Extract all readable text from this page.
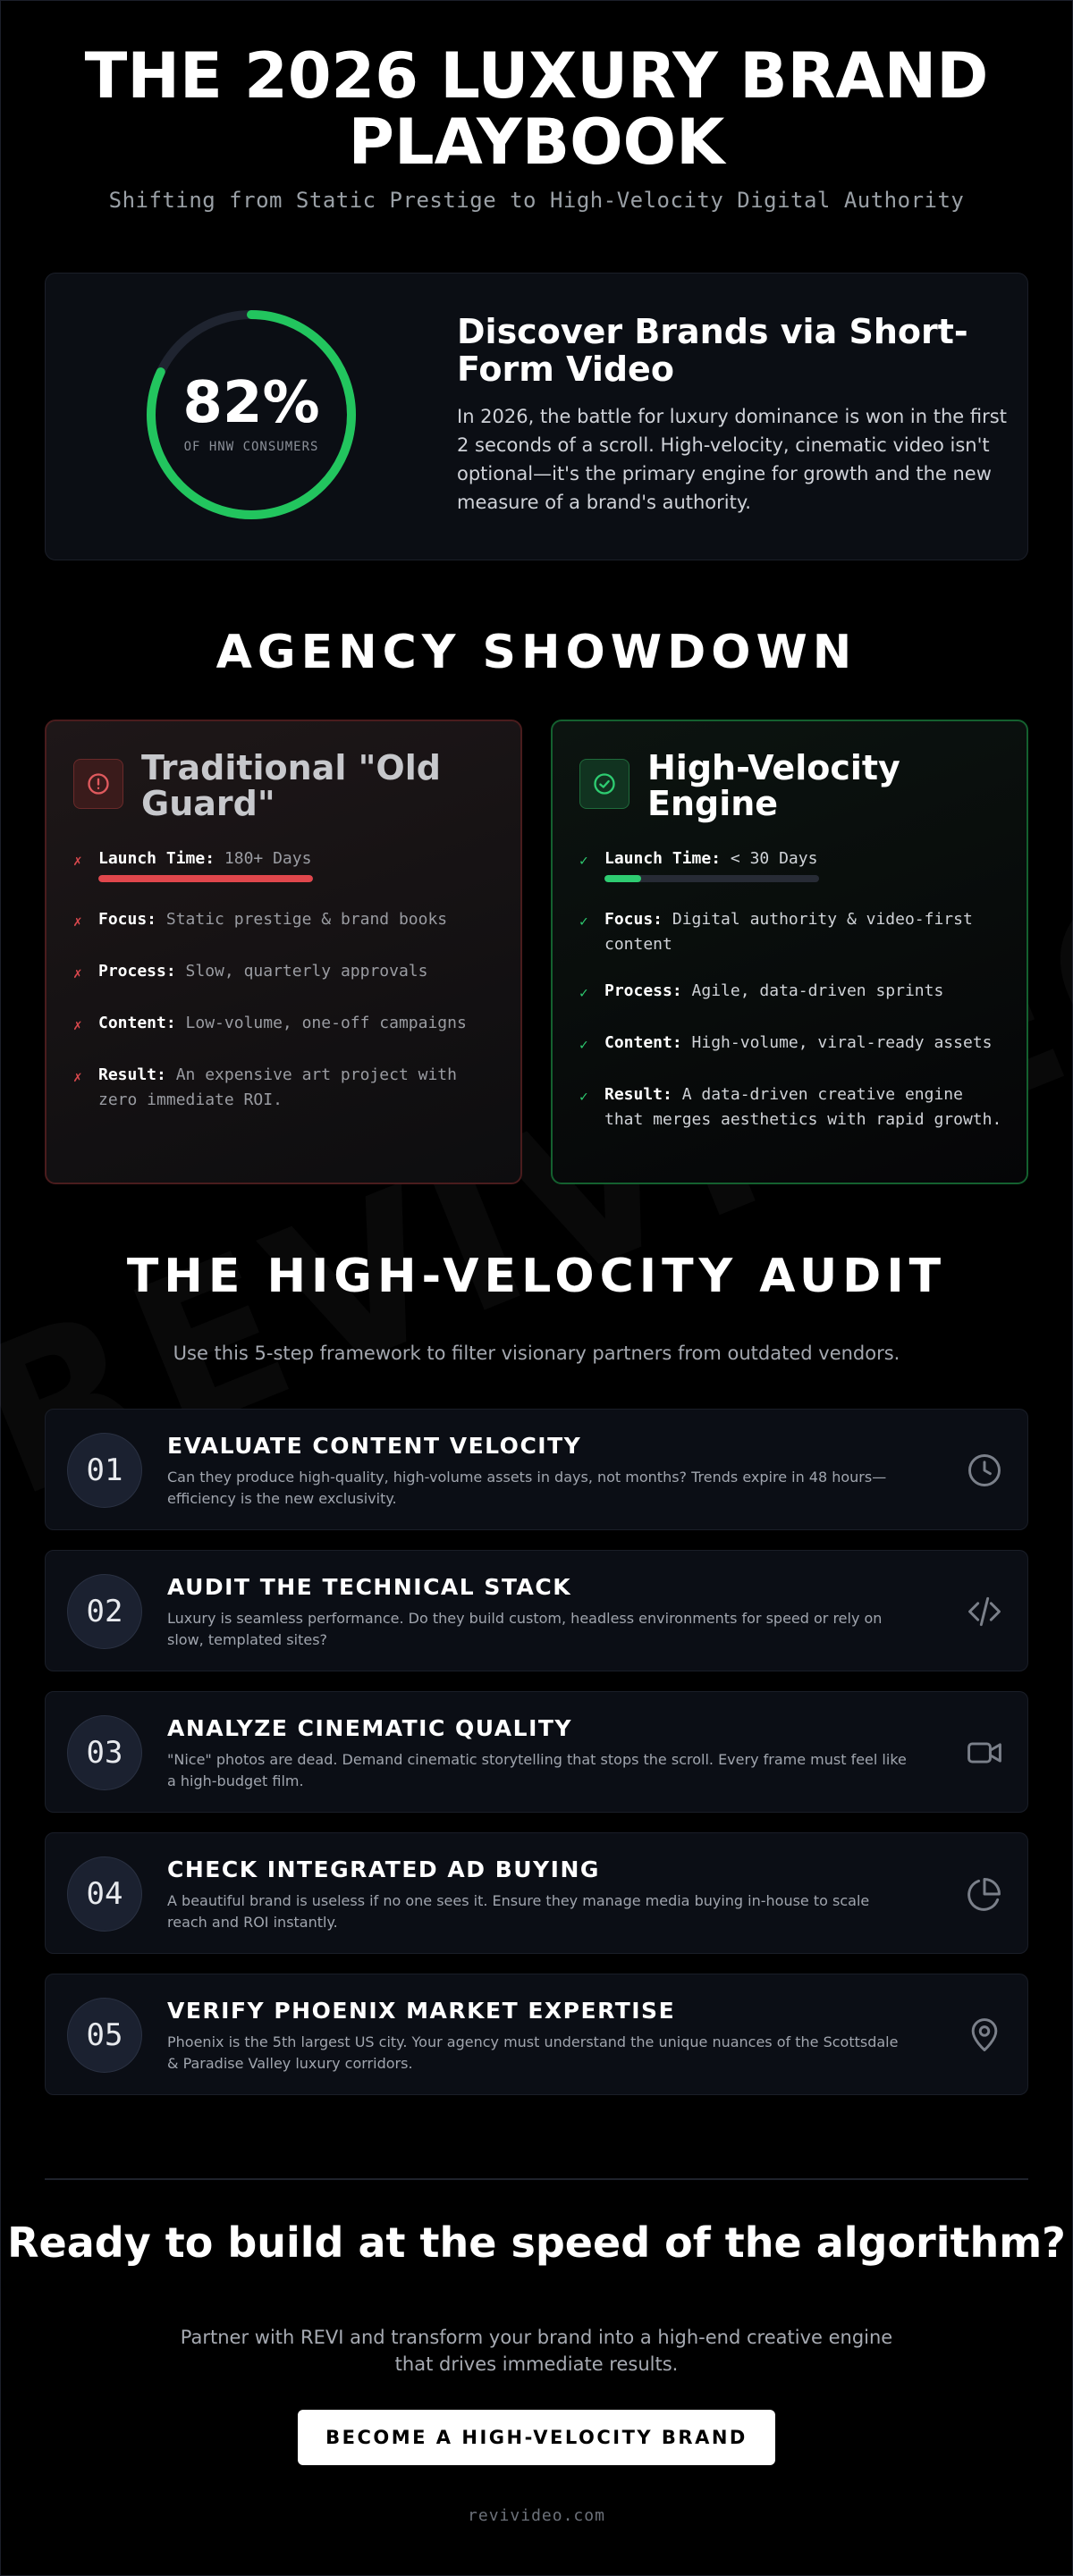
THE 2026 LUXURY BRAND PLAYBOOK
Shifting from Static Prestige to High-Velocity Digital Authority
82%
OF HNW CONSUMERS
Discover Brands via Short-Form Video
In 2026, the battle for luxury dominance is won in the first 2 seconds of a scroll. High-velocity, cinematic video isn't optional—it's the primary engine for growth and the new measure of a brand's authority.
AGENCY SHOWDOWN
Traditional "Old Guard"
✗	Launch Time: 180+ Days
✗	Focus: Static prestige & brand books
✗	Process: Slow, quarterly approvals
✗	Content: Low-volume, one-off campaigns
✗	Result: An expensive art project with zero immediate ROI.
High-Velocity Engine
✓	Launch Time: < 30 Days
✓	Focus: Digital authority & video-first content
✓	Process: Agile, data-driven sprints
✓	Content: High-volume, viral-ready assets
✓	Result: A data-driven creative engine that merges aesthetics with rapid growth.
THE HIGH-VELOCITY AUDIT
Use this 5-step framework to filter visionary partners from outdated vendors.
01
EVALUATE CONTENT VELOCITY
Can they produce high-quality, high-volume assets in days, not months? Trends expire in 48 hours—efficiency is the new exclusivity.
02
AUDIT THE TECHNICAL STACK
Luxury is seamless performance. Do they build custom, headless environments for speed or rely on slow, templated sites?
03
ANALYZE CINEMATIC QUALITY
"Nice" photos are dead. Demand cinematic storytelling that stops the scroll. Every frame must feel like a high-budget film.
04
CHECK INTEGRATED AD BUYING
A beautiful brand is useless if no one sees it. Ensure they manage media buying in-house to scale reach and ROI instantly.
05
VERIFY PHOENIX MARKET EXPERTISE
Phoenix is the 5th largest US city. Your agency must understand the unique nuances of the Scottsdale & Paradise Valley luxury corridors.
Ready to build at the speed of the algorithm?
Partner with REVI and transform your brand into a high-end creative engine that drives immediate results.
BECOME A HIGH-VELOCITY BRAND
revivideo.com
